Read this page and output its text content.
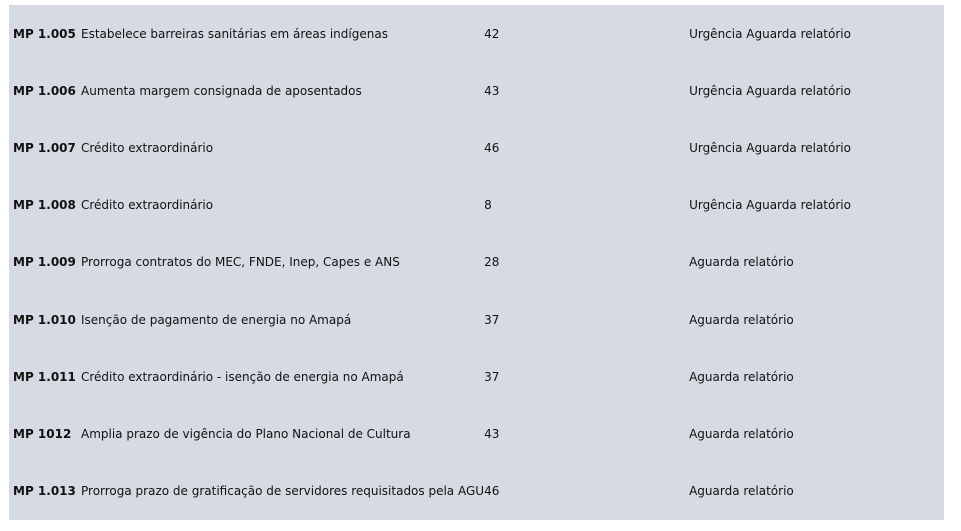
MP 1.005	Estabelece barreiras sanitárias em áreas indígenas	42	Urgência Aguarda relatório
MP 1.006	Aumenta margem consignada de aposentados	43	Urgência Aguarda relatório
MP 1.007	Crédito extraordinário	46	Urgência Aguarda relatório
MP 1.008	Crédito extraordinário	8	Urgência Aguarda relatório
MP 1.009	Prorroga contratos do MEC, FNDE, Inep, Capes e ANS	28	Aguarda relatório
MP 1.010	Isenção de pagamento de energia no Amapá	37	Aguarda relatório
MP 1.011	Crédito extraordinário - isenção de energia no Amapá	37	Aguarda relatório
MP 1012	Amplia prazo de vigência do Plano Nacional de Cultura	43	Aguarda relatório
MP 1.013	Prorroga prazo de gratificação de servidores requisitados pela AGU	46	Aguarda relatório
